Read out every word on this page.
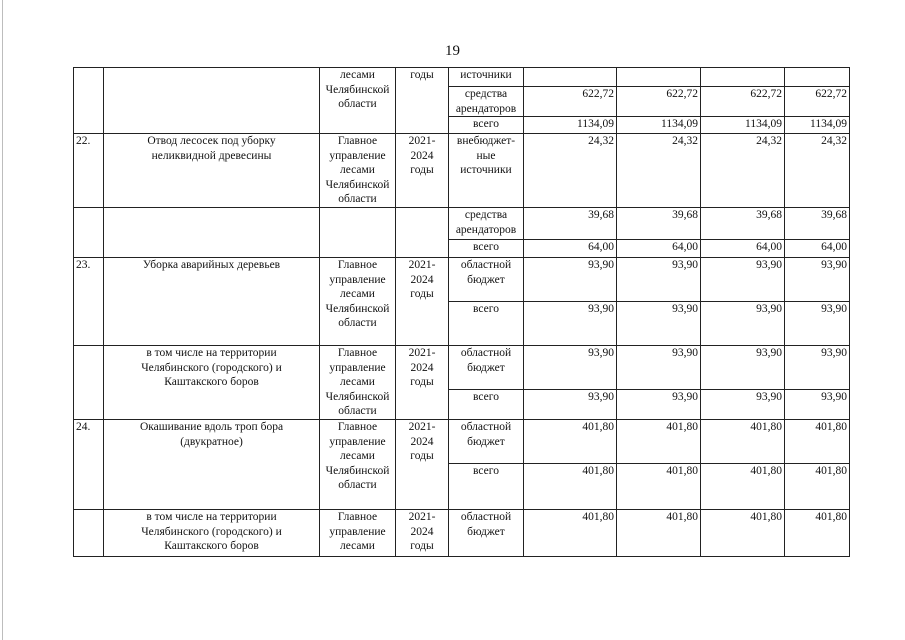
19
		лесами
Челябинской
области	годы	источники				
				средства
арендаторов	622,72	622,72	622,72	622,72
				всего	1134,09	1134,09	1134,09	1134,09
22.	Отвод лесосек под уборку
неликвидной древесины	Главное
управление
лесами
Челябинской
области	2021-
2024
годы	внебюджет-
ные
источники	24,32	24,32	24,32	24,32
				средства
арендаторов	39,68	39,68	39,68	39,68
				всего	64,00	64,00	64,00	64,00
23.	Уборка аварийных деревьев	Главное
управление
лесами
Челябинской
области	2021-
2024
годы	областной
бюджет	93,90	93,90	93,90	93,90
				всего	93,90	93,90	93,90	93,90
	в том числе на территории
Челябинского (городского) и
Каштакского боров	Главное
управление
лесами
Челябинской
области	2021-
2024
годы	областной
бюджет	93,90	93,90	93,90	93,90
				всего	93,90	93,90	93,90	93,90
24.	Окашивание вдоль троп бора
(двукратное)	Главное
управление
лесами
Челябинской
области	2021-
2024
годы	областной
бюджет	401,80	401,80	401,80	401,80
				всего	401,80	401,80	401,80	401,80
	в том числе на территории
Челябинского (городского) и
Каштакского боров	Главное
управление
лесами	2021-
2024
годы	областной
бюджет	401,80	401,80	401,80	401,80
